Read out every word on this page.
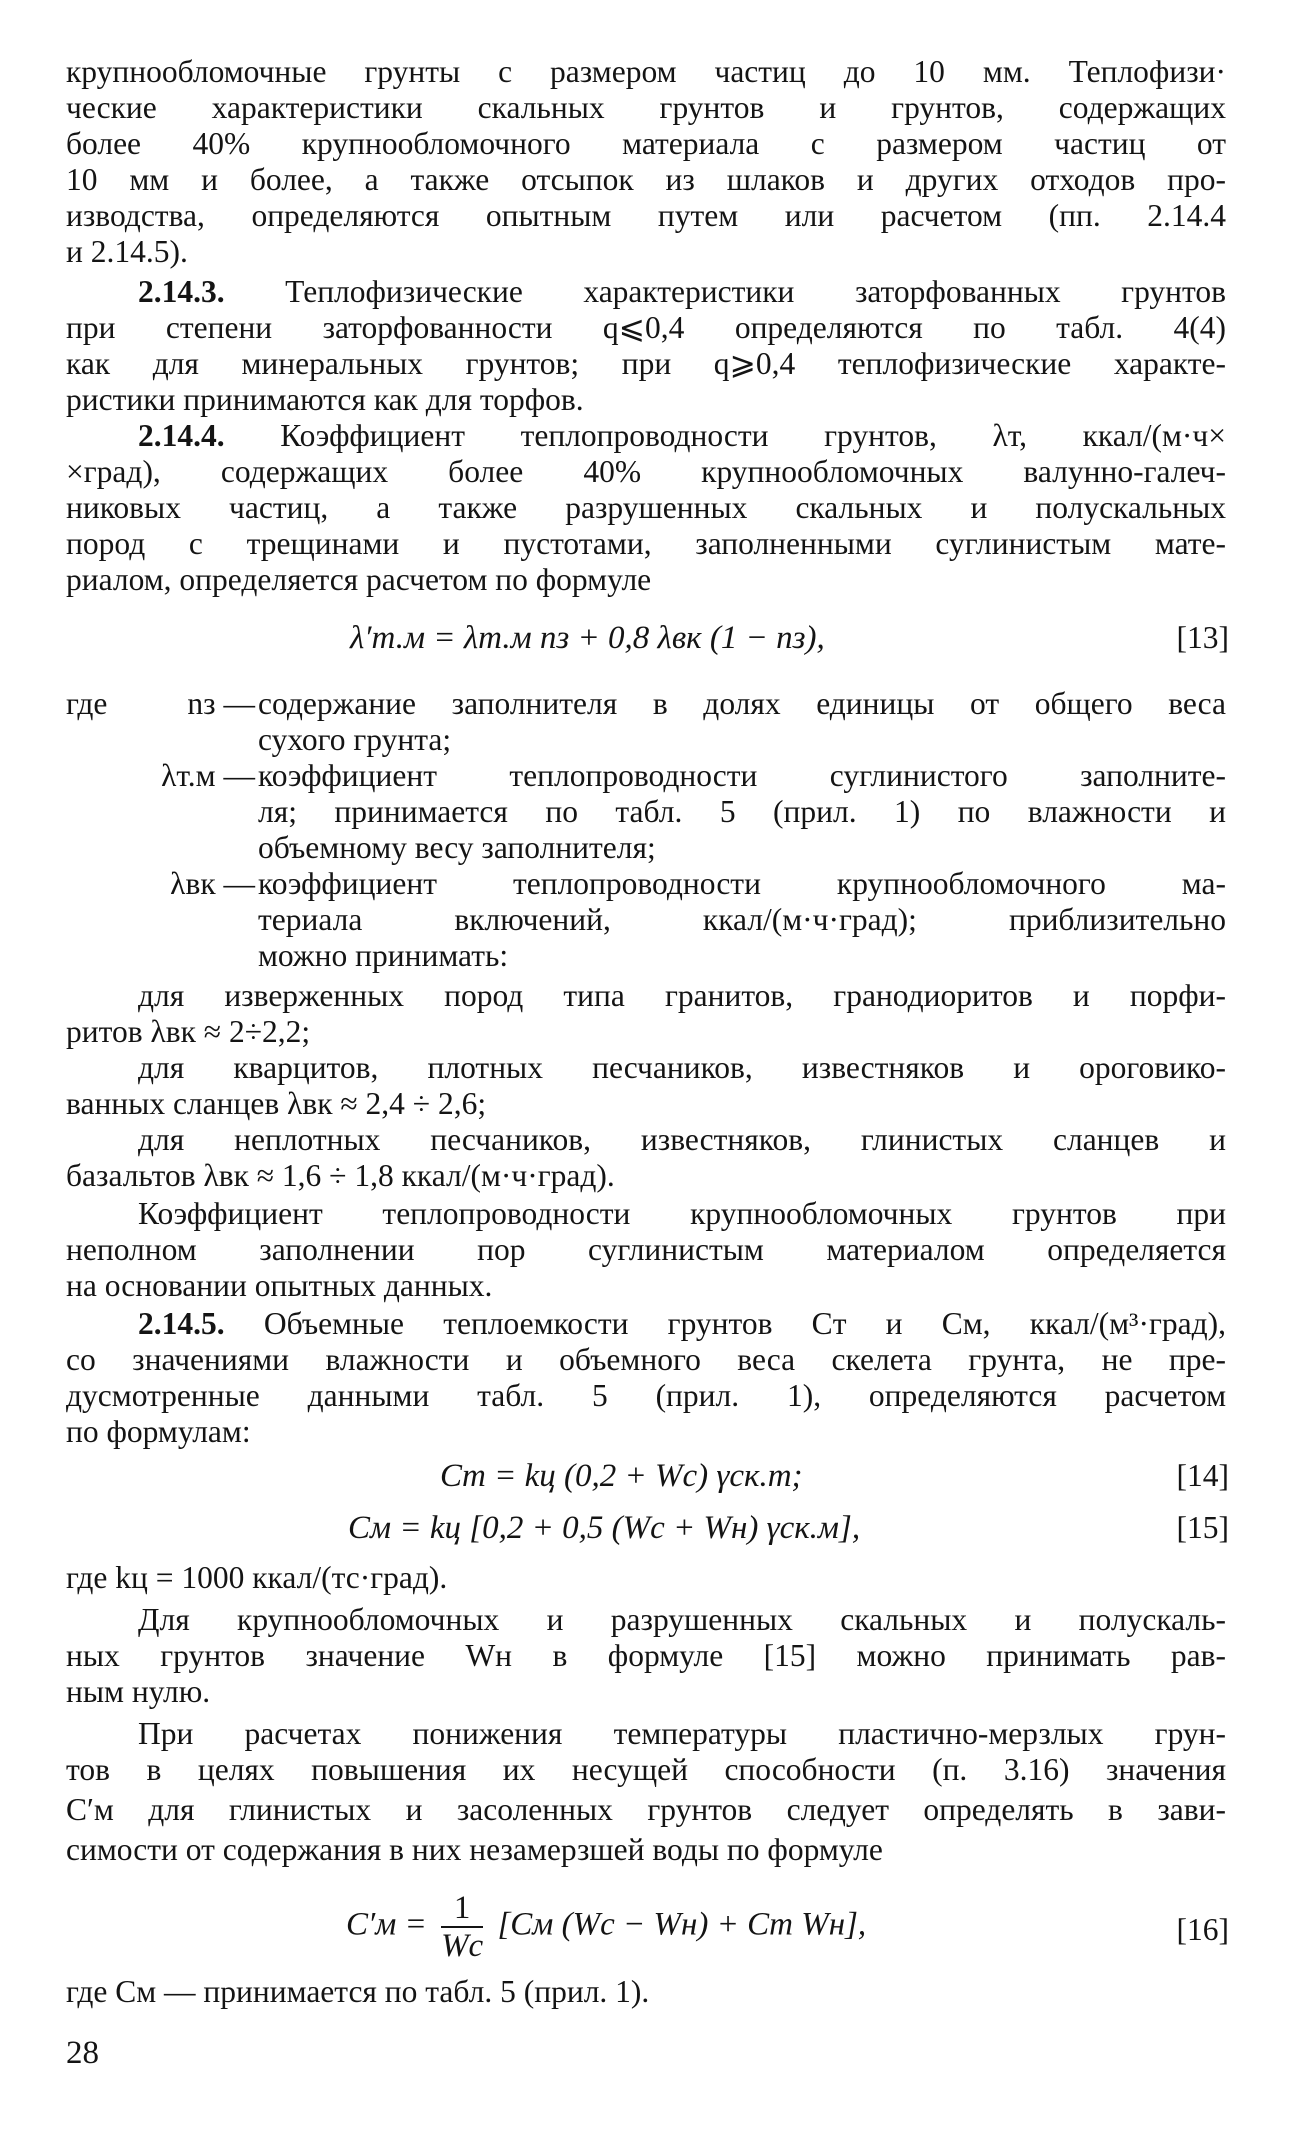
крупнообломочные грунты с размером частиц до 10 мм. Теплофизи·
ческие характеристики скальных грунтов и грунтов, содержащих
более 40% крупнообломочного материала с размером частиц от
10 мм и более, а также отсыпок из шлаков и других отходов про-
изводства, определяются опытным путем или расчетом (пп. 2.14.4
и 2.14.5).
2.14.3. Теплофизические характеристики заторфованных грунтов
при степени заторфованности q⩽0,4 определяются по табл. 4(4)
как для минеральных грунтов; при q⩾0,4 теплофизические характе-
ристики принимаются как для торфов.
2.14.4. Коэффициент теплопроводности грунтов, λт, ккал/(м·ч×
×град), содержащих более 40% крупнообломочных валунно-галеч-
никовых частиц, а также разрушенных скальных и полускальных
пород с трещинами и пустотами, заполненными суглинистым мате-
риалом, определяется расчетом по формуле
λ′т.м = λт.м nз + 0,8 λвк (1 − nз),	[13]
где	nз — содержание заполнителя в долях единицы от общего веса
сухого грунта;
λт.м — коэффициент теплопроводности суглинистого заполните-
ля; принимается по табл. 5 (прил. 1) по влажности и
объемному весу заполнителя;
λвк — коэффициент теплопроводности крупнообломочного ма-
териала включений, ккал/(м·ч·град); приблизительно
можно принимать:
для изверженных пород типа гранитов, гранодиоритов и порфи-
ритов λвк ≈ 2÷2,2;
для кварцитов, плотных песчаников, известняков и ороговико-
ванных сланцев λвк ≈ 2,4 ÷ 2,6;
для неплотных песчаников, известняков, глинистых сланцев и
базальтов λвк ≈ 1,6 ÷ 1,8 ккал/(м·ч·град).
Коэффициент теплопроводности крупнообломочных грунтов при
неполном заполнении пор суглинистым материалом определяется
на основании опытных данных.
2.14.5. Объемные теплоемкости грунтов Cт и Cм, ккал/(м³·град),
со значениями влажности и объемного веса скелета грунта, не пре-
дусмотренные данными табл. 5 (прил. 1), определяются расчетом
по формулам:
Cт = kц (0,2 + Wс) γск.т;	[14]
Cм = kц [0,2 + 0,5 (Wс + Wн) γск.м],	[15]
где kц = 1000 ккал/(тс·град).
Для крупнообломочных и разрушенных скальных и полускаль-
ных грунтов значение Wн в формуле [15] можно принимать рав-
ным нулю.
При расчетах понижения температуры пластично-мерзлых грун-
тов в целях повышения их несущей способности (п. 3.16) значения
C′м для глинистых и засоленных грунтов следует определять в зави-
симости от содержания в них незамерзшей воды по формуле
$C'м = \frac{1}{Wс} [Cм$ (Wс − Wн) + Cт Wн],	[16]
где Cм — принимается по табл. 5 (прил. 1).
28
